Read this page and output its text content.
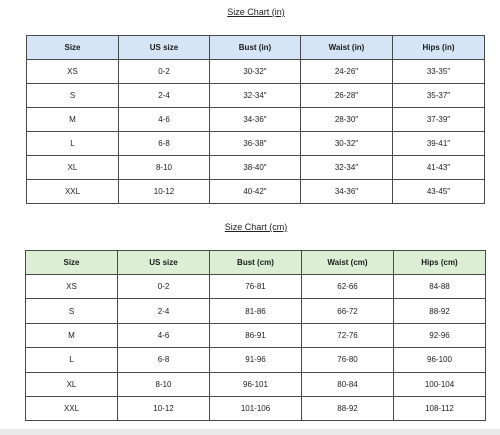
Size Chart (in)
Size	US size	Bust (in)	Waist (in)	Hips (in)
XS	0-2	30-32″	24-26″	33-35″
S	2-4	32-34″	26-28″	35-37″
M	4-6	34-36″	28-30″	37-39″
L	6-8	36-38″	30-32″	39-41″
XL	8-10	38-40″	32-34″	41-43″
XXL	10-12	40-42″	34-36″	43-45″
Size Chart (cm)
Size	US size	Bust (cm)	Waist (cm)	Hips (cm)
XS	0-2	76-81	62-66	84-88
S	2-4	81-86	66-72	88-92
M	4-6	86-91	72-76	92-96
L	6-8	91-96	76-80	96-100
XL	8-10	96-101	80-84	100-104
XXL	10-12	101-106	88-92	108-112
